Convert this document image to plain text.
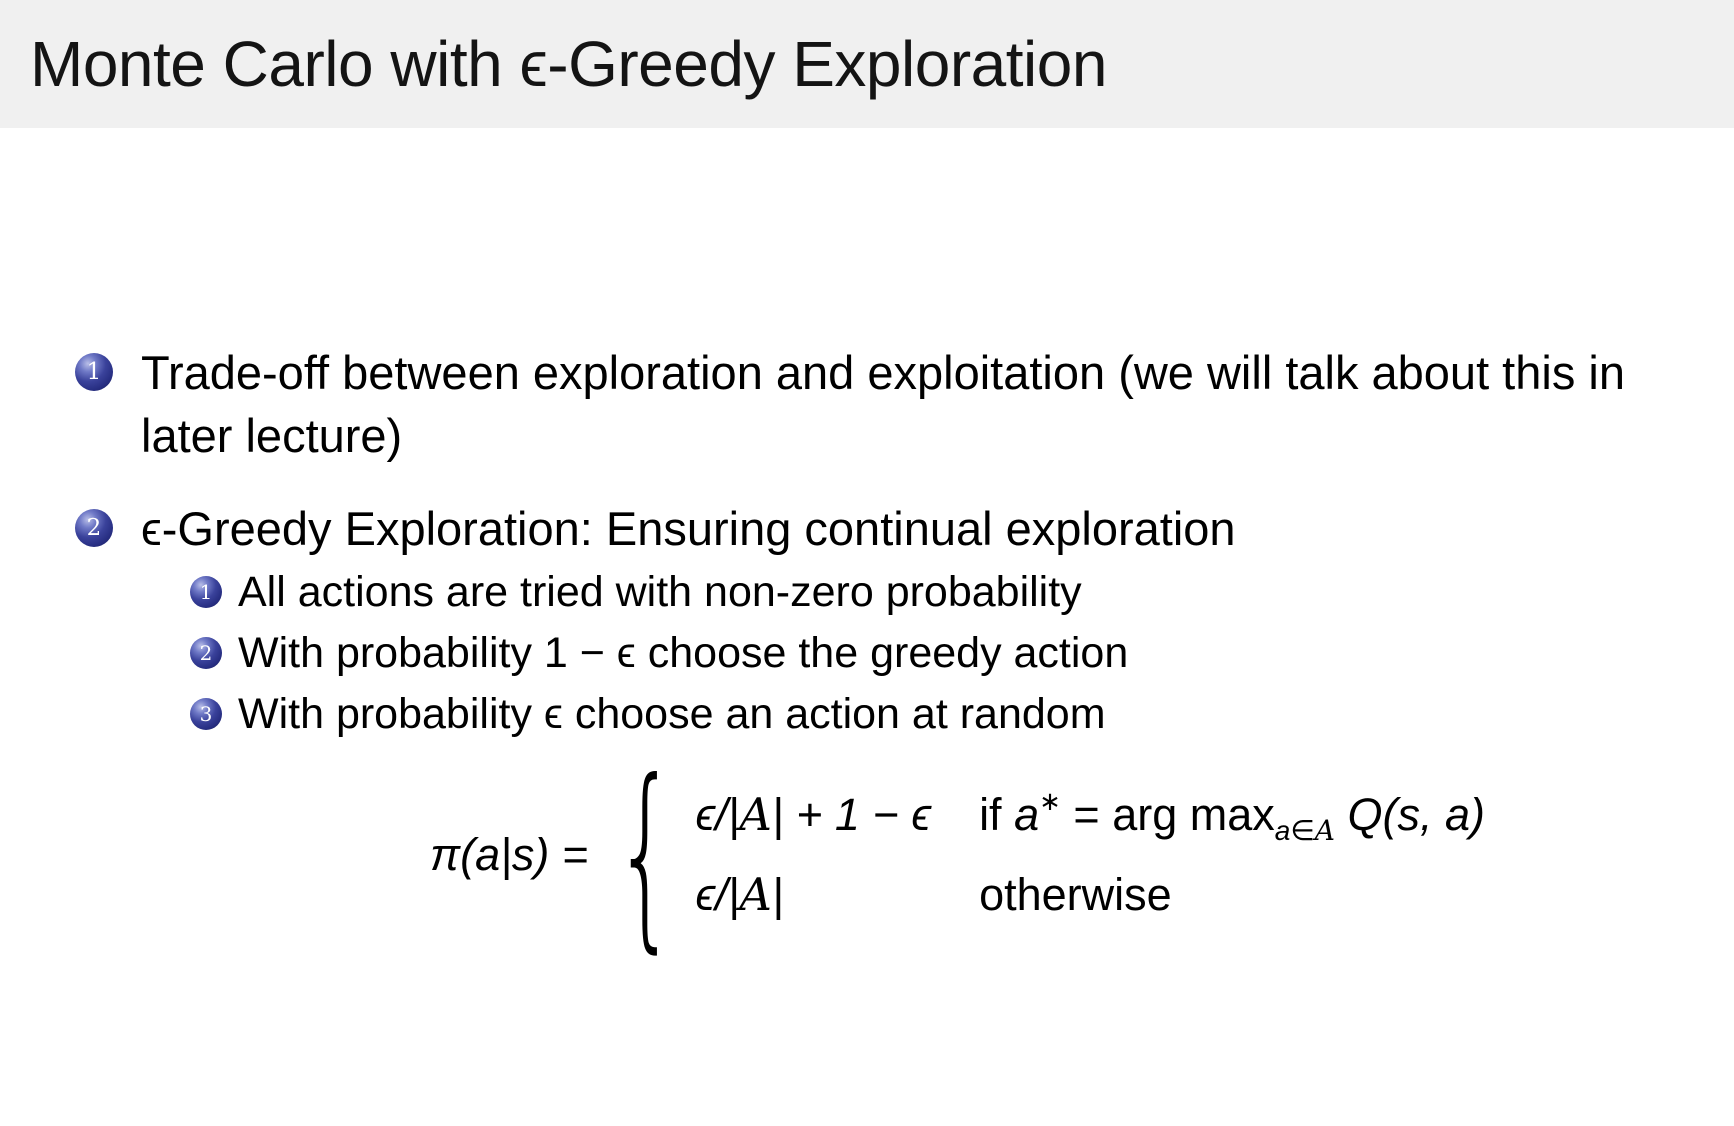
Monte Carlo with ϵ-Greedy Exploration
1 Trade-off between exploration and exploitation (we will talk about this in later lecture)
2 ϵ-Greedy Exploration: Ensuring continual exploration
1 All actions are tried with non-zero probability
2 With probability 1 − ϵ choose the greedy action
3 With probability ϵ choose an action at random
π(a|s) = { ϵ/|A| + 1 − ϵ if a∗ = arg $\max_{a\in A} Q(s$, a)
ϵ/|A|	otherwise
